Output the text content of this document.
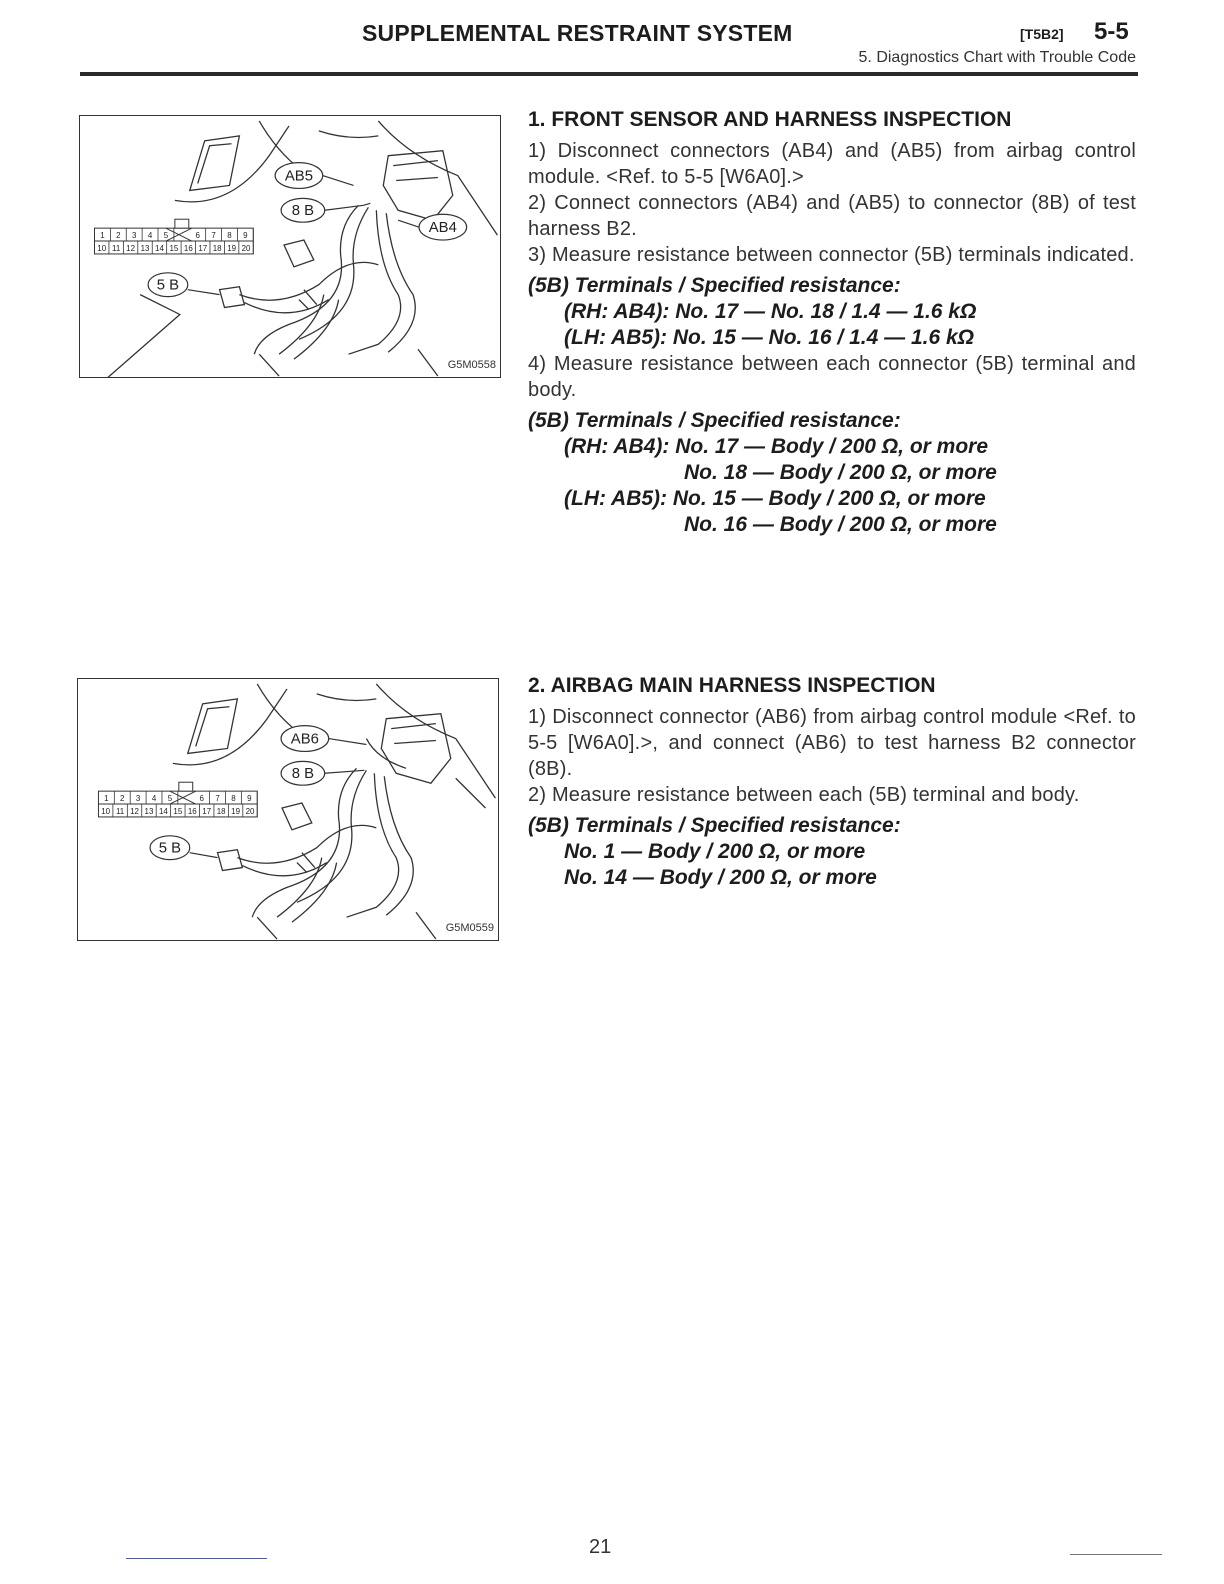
SUPPLEMENTAL RESTRAINT SYSTEM	[T5B2] 5-5
5. Diagnostics Chart with Trouble Code
AB5
8 B
AB4
5 B
1 2 3 4 5	6 7 8 9
10 11 12 13 14 15 16 17 18 19 20
G5M0558
1. FRONT SENSOR AND HARNESS INSPECTION
1) Disconnect connectors (AB4) and (AB5) from airbag control module. <Ref. to 5-5 [W6A0].>
2) Connect connectors (AB4) and (AB5) to connector (8B) of test harness B2.
3) Measure resistance between connector (5B) terminals indicated.
(5B) Terminals / Specified resistance:
(RH: AB4): No. 17 — No. 18 / 1.4 — 1.6 kΩ
(LH: AB5): No. 15 — No. 16 / 1.4 — 1.6 kΩ
4) Measure resistance between each connector (5B) terminal and body.
(5B) Terminals / Specified resistance:
(RH: AB4): No. 17 — Body / 200 Ω, or more
No. 18 — Body / 200 Ω, or more
(LH: AB5): No. 15 — Body / 200 Ω, or more
No. 16 — Body / 200 Ω, or more
AB6
8 B
5 B
1 2 3 4 5	6 7 8 9
10 11 12 13 14 15 16 17 18 19 20
G5M0559
2. AIRBAG MAIN HARNESS INSPECTION
1) Disconnect connector (AB6) from airbag control module <Ref. to 5-5 [W6A0].>, and connect (AB6) to test harness B2 connector (8B).
2) Measure resistance between each (5B) terminal and body.
(5B) Terminals / Specified resistance:
No. 1 — Body / 200 Ω, or more
No. 14 — Body / 200 Ω, or more
21
